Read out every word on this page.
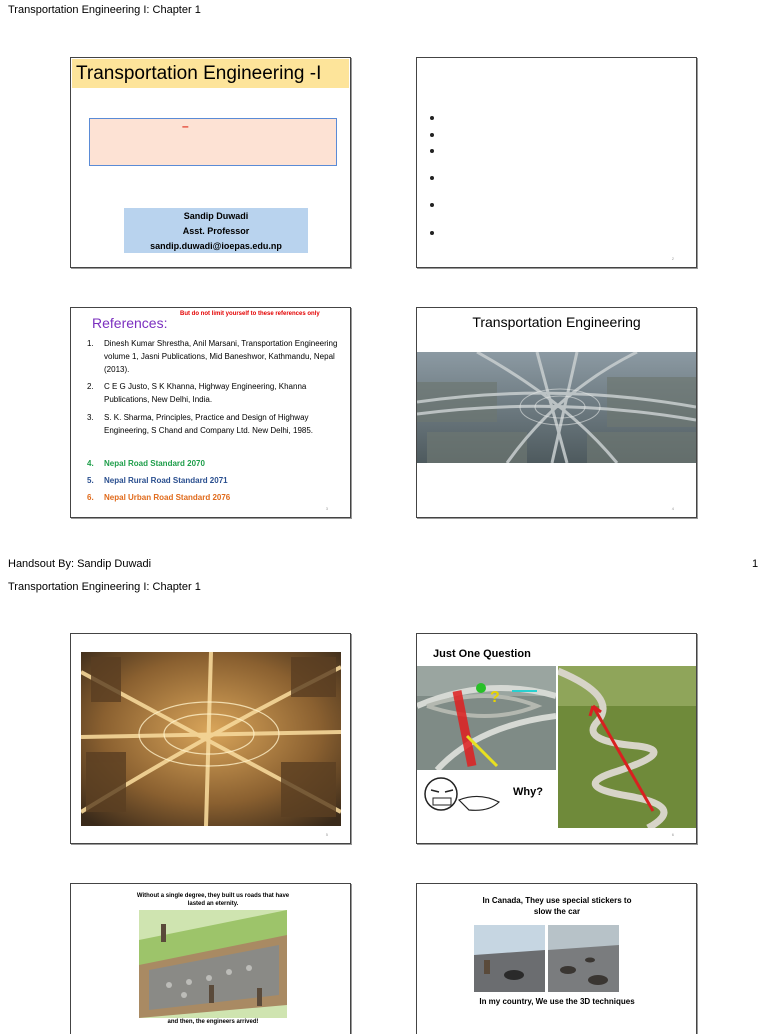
Transportation Engineering I: Chapter 1
Handsout By: Sandip Duwadi	1
Transportation Engineering I: Chapter 1
Transportation Engineering -I
–
Sandip Duwadi
Asst. Professor
sandip.duwadi@ioepas.edu.np
2
References:
But do not limit yourself to these references only
1.	Dinesh Kumar Shrestha, Anil Marsani, Transportation Engineering volume 1, Jasni Publications, Mid Baneshwor, Kathmandu, Nepal (2013).
2.	C E G Justo, S K Khanna, Highway Engineering, Khanna Publications, New Delhi, India.
3.	S. K. Sharma, Principles, Practice and Design of Highway Engineering, S Chand and Company Ltd. New Delhi, 1985.
4.	Nepal Road Standard 2070
5.	Nepal Rural Road Standard 2071
6.	Nepal Urban Road Standard 2076
3
Transportation Engineering
4
5
Just One Question
?
Why?
6
Without a single degree, they built us roads that have lasted an eternity.
and then, the engineers arrived!
In Canada, They use special stickers to slow the car
In my country, We use the 3D techniques
